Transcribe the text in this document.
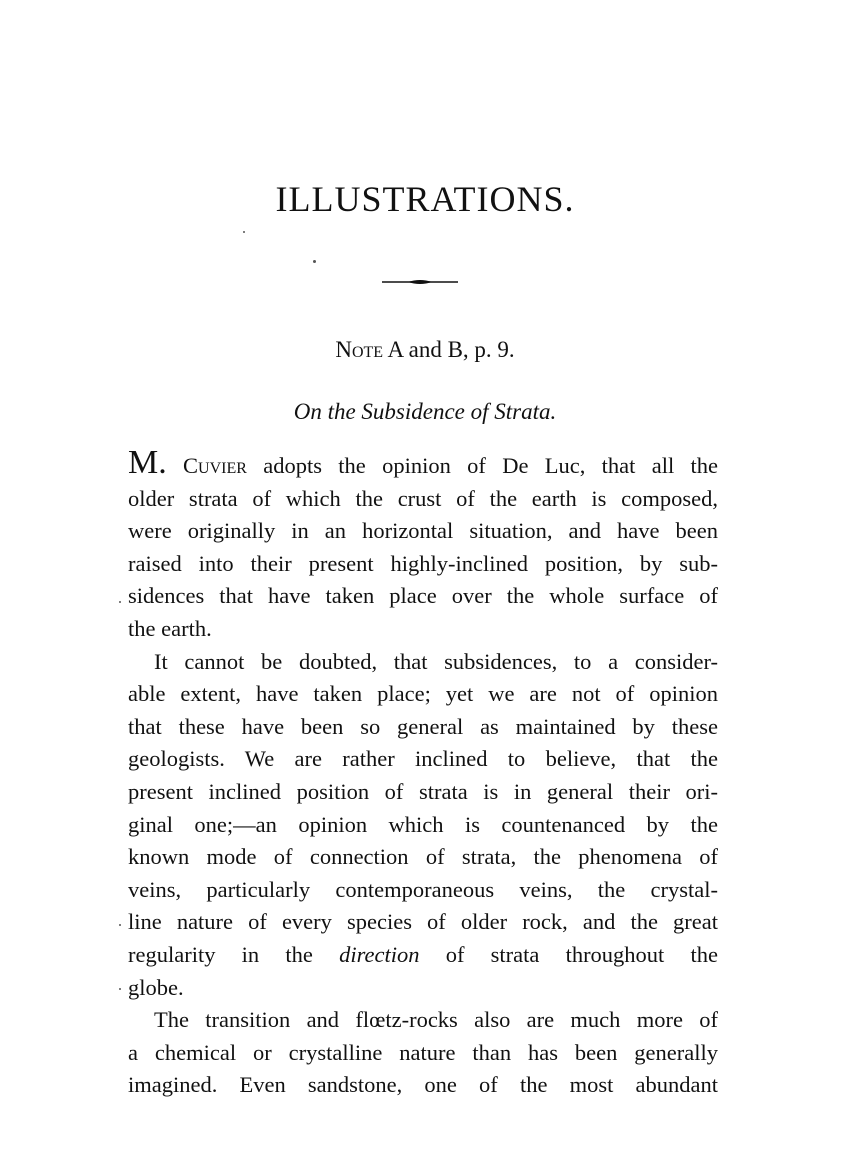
ILLUSTRATIONS.
Note A and B, p. 9.
On the Subsidence of Strata.
M. Cuvier adopts the opinion of De Luc, that all the
older strata of which the crust of the earth is composed,
were originally in an horizontal situation, and have been
raised into their present highly-inclined position, by sub-
sidences that have taken place over the whole surface of
the earth.
It cannot be doubted, that subsidences, to a consider-
able extent, have taken place; yet we are not of opinion
that these have been so general as maintained by these
geologists. We are rather inclined to believe, that the
present inclined position of strata is in general their ori-
ginal one;—an opinion which is countenanced by the
known mode of connection of strata, the phenomena of
veins, particularly contemporaneous veins, the crystal-
line nature of every species of older rock, and the great
regularity in the direction of strata throughout the
globe.
The transition and flœtz-rocks also are much more of
a chemical or crystalline nature than has been generally
imagined. Even sandstone, one of the most abundant
